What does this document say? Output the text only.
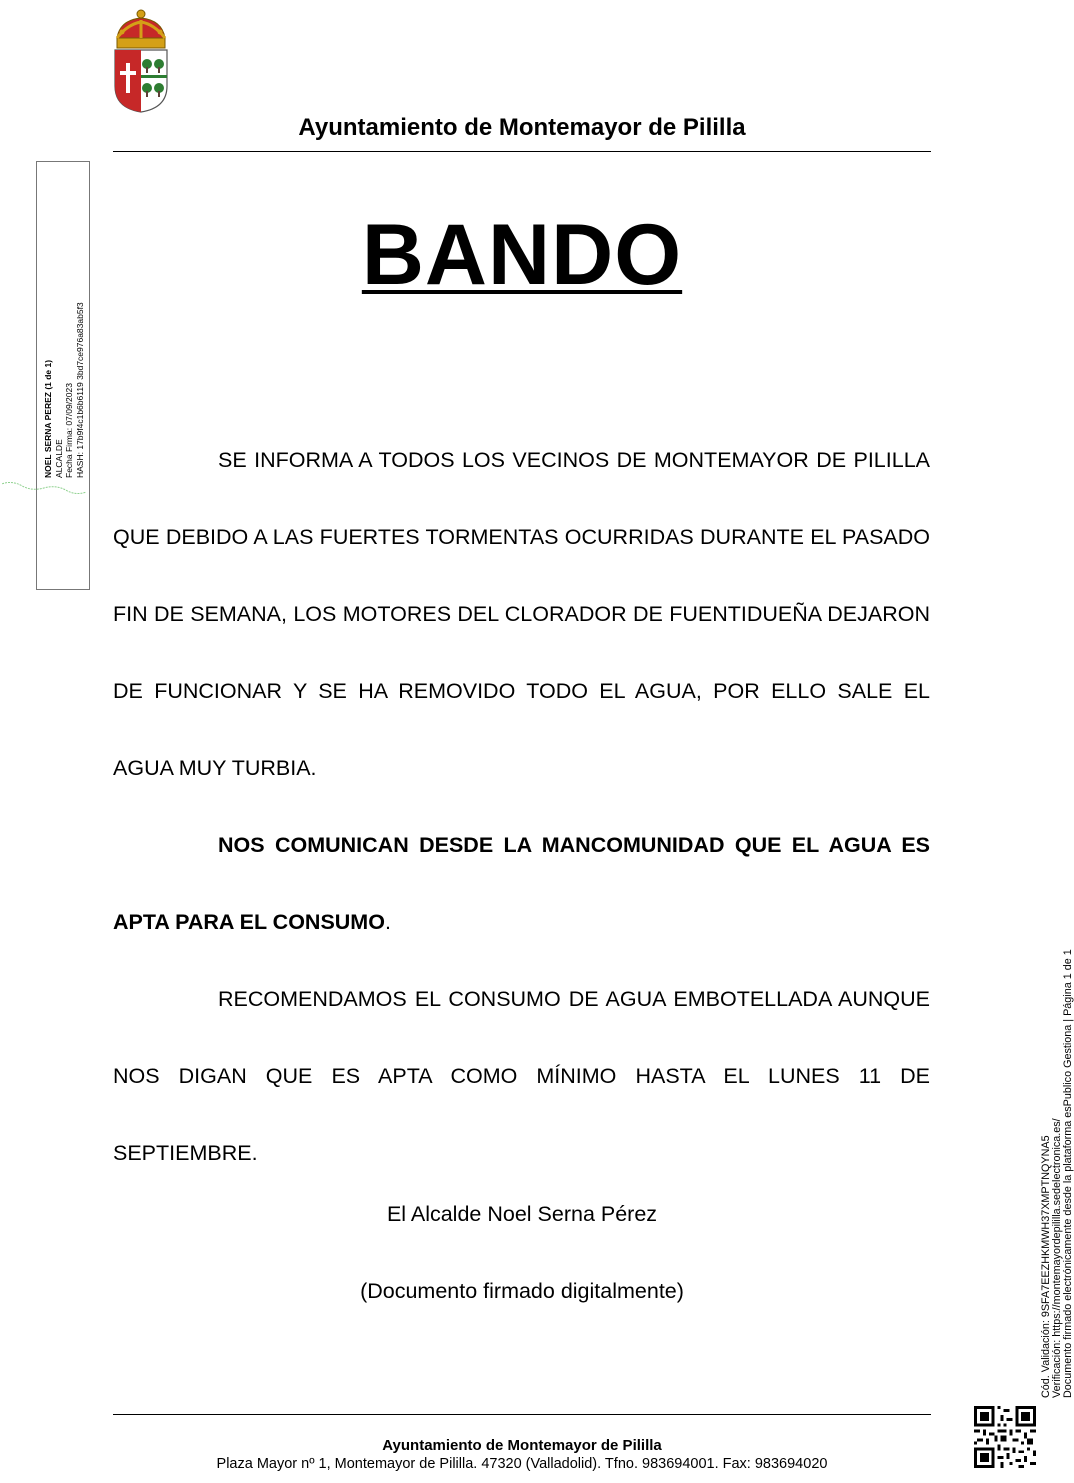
Ayuntamiento de Montemayor de Pililla
BANDO
NOEL SERNA PEREZ (1 de 1) ALCALDE Fecha Firma: 07/09/2023 HASH: 17b9f4c1b6b6119 3bd7ce976a83ab5f3	SE INFORMA A TODOS LOS VECINOS DE MONTEMAYOR DE PILILLA QUE DEBIDO A LAS FUERTES TORMENTAS OCURRIDAS DURANTE EL PASADO FIN DE SEMANA, LOS MOTORES DEL CLORADOR DE FUENTIDUEÑA DEJARON DE FUNCIONAR Y SE HA REMOVIDO TODO EL AGUA, POR ELLO SALE EL AGUA MUY TURBIA.

NOS COMUNICAN DESDE LA MANCOMUNIDAD QUE EL AGUA ES APTA PARA EL CONSUMO.

RECOMENDAMOS EL CONSUMO DE AGUA EMBOTELLADA AUNQUE NOS DIGAN QUE ES APTA COMO MÍNIMO HASTA EL LUNES 11 DE SEPTIEMBRE.

El Alcalde Noel Serna Pérez
(Documento firmado digitalmente)	Cód. Validación: 9SFA7EEZHKMWH37XMPTNQYNA5 Verificación: https://montemayordepililla.sedelectronica.es/ Documento firmado electrónicamente desde la plataforma esPublico Gestiona | Página 1 de 1
Ayuntamiento de Montemayor de Pililla
Plaza Mayor nº 1, Montemayor de Pililla. 47320 (Valladolid). Tfno. 983694001. Fax: 983694020
